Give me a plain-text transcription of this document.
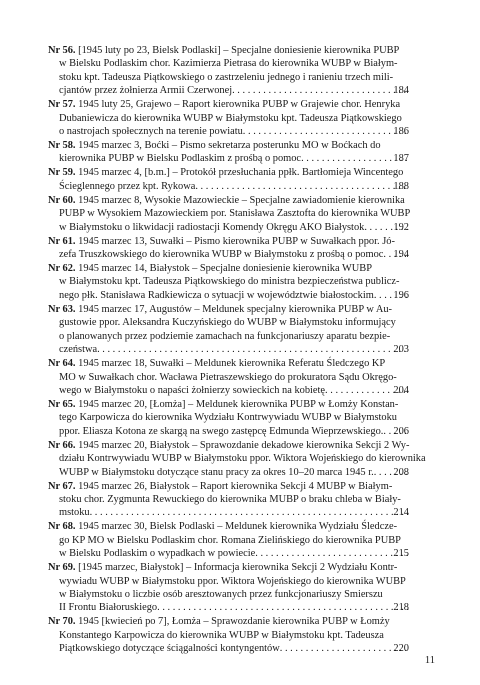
Nr 56.
[1945 luty po 23, Bielsk Podlaski] – Specjalne doniesienie kierownika PUBP
w Bielsku Podlaskim chor. Kazimierza Pietrasa do kierownika WUBP w Białym-
stoku kpt. Tadeusza Piątkowskiego o zastrzeleniu jednego i ranieniu trzech mili-
cjantów przez żołnierza Armii Czerwonej . . .	184
Nr 57.
1945 luty 25, Grajewo – Raport kierownika PUBP w Grajewie chor. Henryka
Dubaniewicza do kierownika WUBP w Białymstoku kpt. Tadeusza Piątkowskiego
o nastrojach społecznych na terenie powiatu . . .	186
Nr 58.
1945 marzec 3, Boćki – Pismo sekretarza posterunku MO w Boćkach do
kierownika PUBP w Bielsku Podlaskim z prośbą o pomoc . . .	187
Nr 59.
1945 marzec 4, [b.m.] – Protokół przesłuchania ppłk. Bartłomieja Wincentego
Ścieglennego przez kpt. Rykowa . . .	188
Nr 60.
1945 marzec 8, Wysokie Mazowieckie – Specjalne zawiadomienie kierownika
PUBP w Wysokiem Mazowieckiem por. Stanisława Zasztofta do kierownika WUBP
w Białymstoku o likwidacji radiostacji Komendy Okręgu AKO Białystok . . .	192
Nr 61.
1945 marzec 13, Suwałki – Pismo kierownika PUBP w Suwałkach ppor. Jó-
zefa Truszkowskiego do kierownika WUBP w Białymstoku z prośbą o pomoc . . . 194
Nr 62.
1945 marzec 14, Białystok – Specjalne doniesienie kierownika WUBP
w Białymstoku kpt. Tadeusza Piątkowskiego do ministra bezpieczeństwa publicz-
nego płk. Stanisława Radkiewicza o sytuacji w województwie białostockim . . .	196
Nr 63.
1945 marzec 17, Augustów – Meldunek specjalny kierownika PUBP w Au-
gustowie ppor. Aleksandra Kuczyńskiego do WUBP w Białymstoku informujący
o planowanych przez podziemie zamachach na funkcjonariuszy aparatu bezpie-
czeństwa . . .	203
Nr 64.
1945 marzec 18, Suwałki – Meldunek kierownika Referatu Śledczego KP
MO w Suwałkach chor. Wacława Pietraszewskiego do prokuratora Sądu Okręgo-
wego w Białymstoku o napaści żołnierzy sowieckich na kobietę . . .	204
Nr 65.
1945 marzec 20, [Łomża] – Meldunek kierownika PUBP w Łomży Konstan-
tego Karpowicza do kierownika Wydziału Kontrwywiadu WUBP w Białymstoku
ppor. Eliasza Kotona ze skargą na swego zastępcę Edmunda Wieprzewskiego. . . . 206
Nr 66.
1945 marzec 20, Białystok – Sprawozdanie dekadowe kierownika Sekcji 2 Wy-
działu Kontrwywiadu WUBP w Białymstoku ppor. Wiktora Wojeńskiego do kierownika
WUBP w Białymstoku dotyczące stanu pracy za okres 10–20 marca 1945 r. . . .	208
Nr 67.
1945 marzec 26, Białystok – Raport kierownika Sekcji 4 MUBP w Białym-
stoku chor. Zygmunta Rewuckiego do kierownika MUBP o braku chleba w Biały-
mstoku . . .	214
Nr 68.
1945 marzec 30, Bielsk Podlaski – Meldunek kierownika Wydziału Śledcze-
go KP MO w Bielsku Podlaskim chor. Romana Zielińskiego do kierownika PUBP
w Bielsku Podlaskim o wypadkach w powiecie . . .	215
Nr 69.
[1945 marzec, Białystok] – Informacja kierownika Sekcji 2 Wydziału Kontr-
wywiadu WUBP w Białymstoku ppor. Wiktora Wojeńskiego do kierownika WUBP
w Białymstoku o liczbie osób aresztowanych przez funkcjonariuszy Smierszu
II Frontu Białoruskiego . . .	218
Nr 70.
1945 [kwiecień po 7], Łomża – Sprawozdanie kierownika PUBP w Łomży
Konstantego Karpowicza do kierownika WUBP w Białymstoku kpt. Tadeusza
Piątkowskiego dotyczące ściągalności kontyngentów . . .	220
11
